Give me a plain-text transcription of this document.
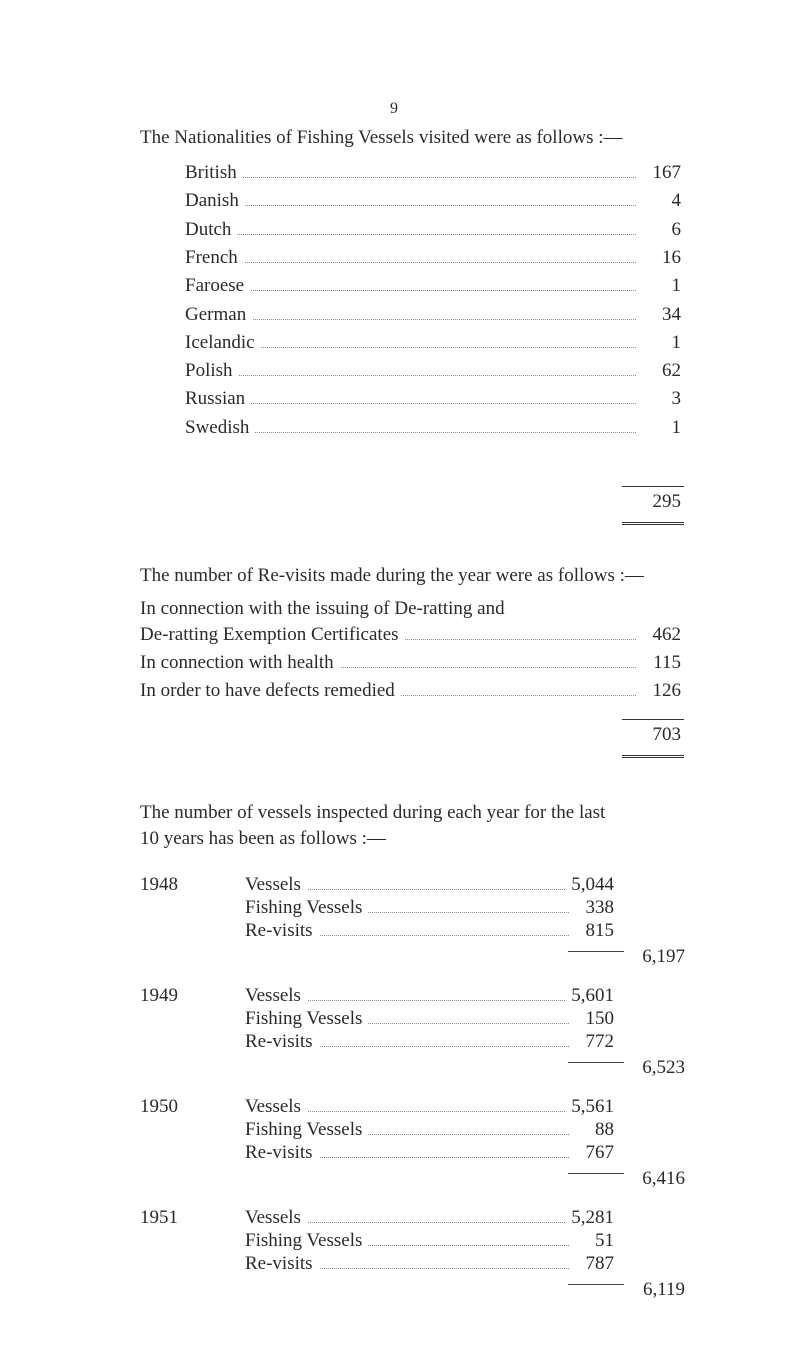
9
The Nationalities of Fishing Vessels visited were as follows :—
British	167
Danish	4
Dutch	6
French	16
Faroese	1
German	34
Icelandic	1
Polish	62
Russian	3
Swedish	1
295
The number of Re-visits made during the year were as follows :—
In connection with the issuing of De-ratting and
De-ratting Exemption Certificates	462
In connection with health	115
In order to have defects remedied	126
703
The number of vessels inspected during each year for the last
10 years has been as follows :—
1948	Vessels	5,044
Fishing Vessels	338
Re-visits	815
6,197
1949	Vessels	5,601
Fishing Vessels	150
Re-visits	772
6,523
1950	Vessels	5,561
Fishing Vessels	88
Re-visits	767
6,416
1951	Vessels	5,281
Fishing Vessels	51
Re-visits	787
6,119
